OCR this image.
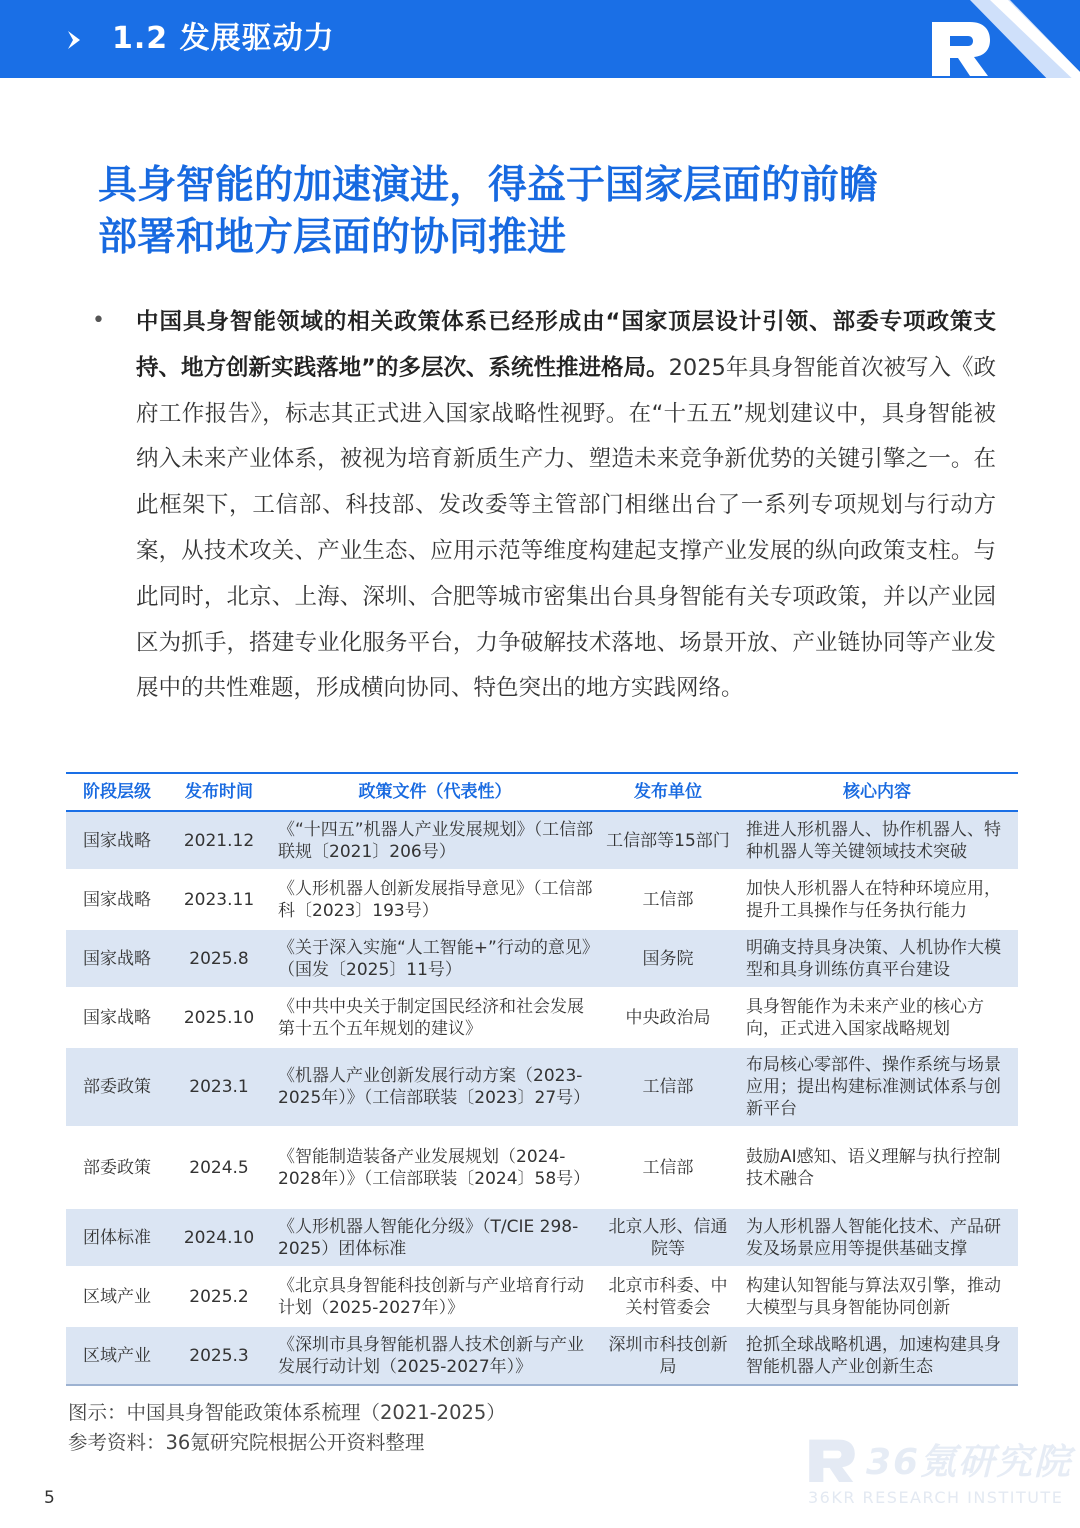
1.2 发展驱动力
具身智能的加速演进，得益于国家层面的前瞻
部署和地方层面的协同推进
• 中国具身智能领域的相关政策体系已经形成由“国家顶层设计引领、部委专项政策支持、地方创新实践落地”的多层次、系统性推进格局。2025年具身智能首次被写入《政府工作报告》，标志其正式进入国家战略性视野。在“十五五”规划建议中，具身智能被纳入未来产业体系，被视为培育新质生产力、塑造未来竞争新优势的关键引擎之一。在此框架下，工信部、科技部、发改委等主管部门相继出台了一系列专项规划与行动方案，从技术攻关、产业生态、应用示范等维度构建起支撑产业发展的纵向政策支柱。与此同时，北京、上海、深圳、合肥等城市密集出台具身智能有关专项政策，并以产业园区为抓手，搭建专业化服务平台，力争破解技术落地、场景开放、产业链协同等产业发展中的共性难题，形成横向协同、特色突出的地方实践网络。

阶段层级	发布时间	政策文件（代表性）	发布单位	核心内容
国家战略	2021.12	《“十四五”机器人产业发展规划》（工信部联规〔2021〕206号）	工信部等15部门	推进人形机器人、协作机器人、特种机器人等关键领域技术突破
国家战略	2023.11	《人形机器人创新发展指导意见》（工信部科〔2023〕193号）	工信部	加快人形机器人在特种环境应用，提升工具操作与任务执行能力
国家战略	2025.8	《关于深入实施“人工智能+”行动的意见》（国发〔2025〕11号）	国务院	明确支持具身决策、人机协作大模型和具身训练仿真平台建设
国家战略	2025.10	《中共中央关于制定国民经济和社会发展第十五个五年规划的建议》	中央政治局	具身智能作为未来产业的核心方向，正式进入国家战略规划
部委政策	2023.1	《机器人产业创新发展行动方案（2023-2025年）》（工信部联装〔2023〕27号）	工信部	布局核心零部件、操作系统与场景应用；提出构建标准测试体系与创新平台
部委政策	2024.5	《智能制造装备产业发展规划（2024-2028年）》（工信部联装〔2024〕58号）	工信部	鼓励AI感知、语义理解与执行控制技术融合
团体标准	2024.10	《人形机器人智能化分级》（T/CIE 298-2025）团体标准	北京人形、信通院等	为人形机器人智能化技术、产品研发及场景应用等提供基础支撑
区域产业	2025.2	《北京具身智能科技创新与产业培育行动计划（2025-2027年）》	北京市科委、中关村管委会	构建认知智能与算法双引擎，推动大模型与具身智能协同创新
区域产业	2025.3	《深圳市具身智能机器人技术创新与产业发展行动计划（2025-2027年）》	深圳市科技创新局	抢抓全球战略机遇，加速构建具身智能机器人产业创新生态
图示：中国具身智能政策体系梳理（2021-2025）
参考资料：36氪研究院根据公开资料整理
5
36氪研究院
36KR RESEARCH INSTITUTE
